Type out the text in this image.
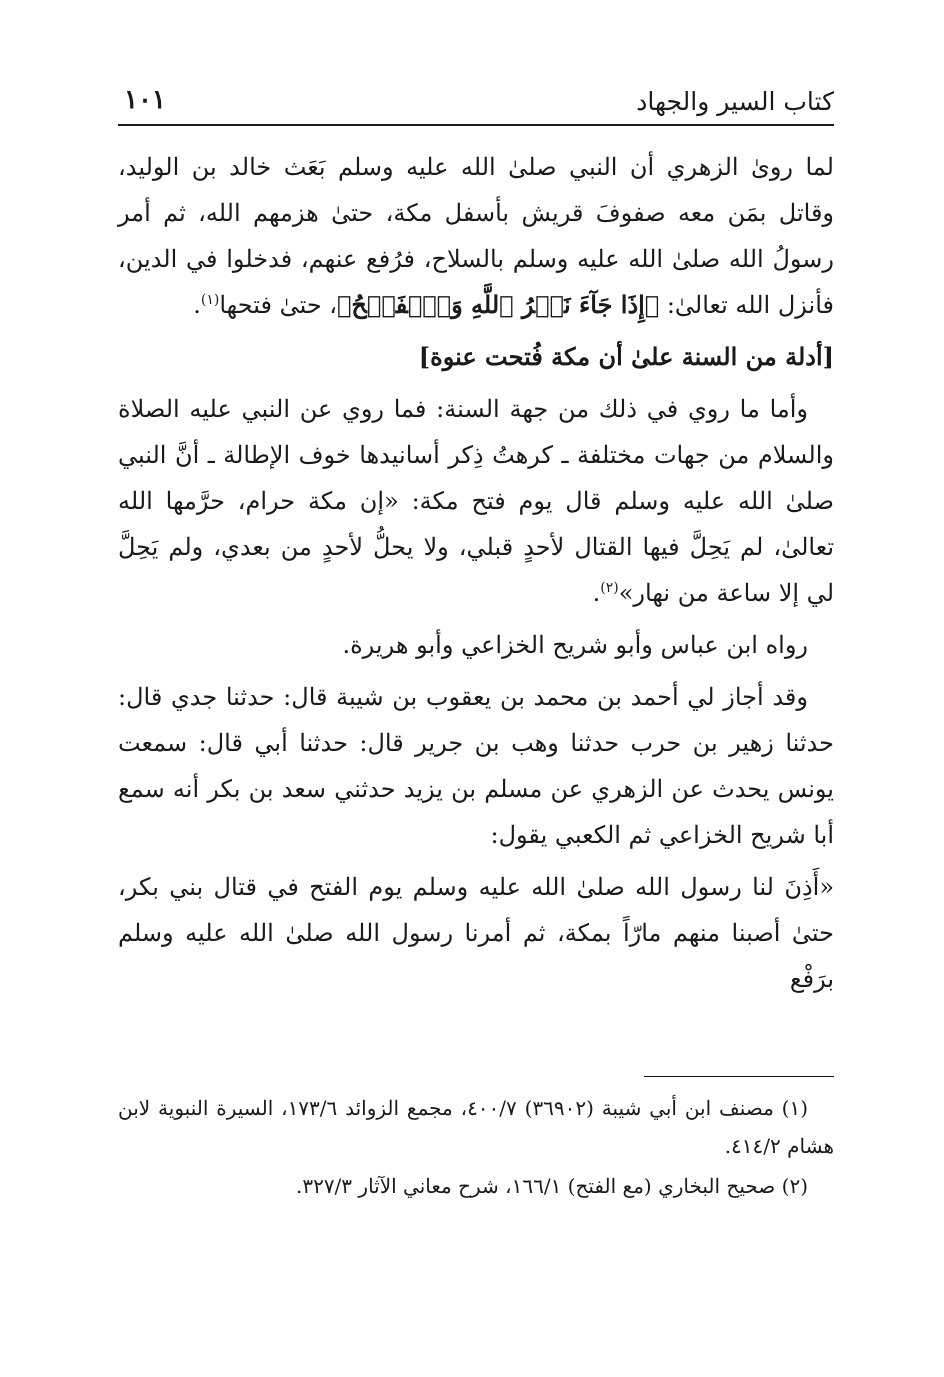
كتاب السير والجهاد
١٠١

لما روىٰ الزهري أن النبي صلىٰ الله عليه وسلم بَعَث خالد بن الوليد، وقاتل بمَن معه صفوفَ قريش بأسفل مكة، حتىٰ هزمهم الله، ثم أمر رسولُ الله صلىٰ الله عليه وسلم بالسلاح، فرُفع عنهم، فدخلوا في الدين، فأنزل الله تعالىٰ: ﴿إِذَا جَآءَ نَصۡرُ ٱللَّهِ وَٱلۡفَتۡحُ﴾، حتىٰ فتحها$^{(١)}$.

[أدلة من السنة علىٰ أن مكة فُتحت عنوة]

وأما ما روي في ذلك من جهة السنة: فما روي عن النبي عليه الصلاة والسلام من جهات مختلفة ـ كرهتُ ذِكر أسانيدها خوف الإطالة ـ أنَّ النبي صلىٰ الله عليه وسلم قال يوم فتح مكة: «إن مكة حرام، حرَّمها الله تعالىٰ، لم يَحِلَّ فيها القتال لأحدٍ قبلي، ولا يحلُّ لأحدٍ من بعدي، ولم يَحِلَّ لي إلا ساعة من نهار»$^{(٢)}$.

رواه ابن عباس وأبو شريح الخزاعي وأبو هريرة.

وقد أجاز لي أحمد بن محمد بن يعقوب بن شيبة قال: حدثنا جدي قال: حدثنا زهير بن حرب حدثنا وهب بن جرير قال: حدثنا أبي قال: سمعت يونس يحدث عن الزهري عن مسلم بن يزيد حدثني سعد بن بكر أنه سمع أبا شريح الخزاعي ثم الكعبي يقول:

«أَذِنَ لنا رسول الله صلىٰ الله عليه وسلم يوم الفتح في قتال بني بكر، حتىٰ أصبنا منهم مارّاً بمكة، ثم أمرنا رسول الله صلىٰ الله عليه وسلم برَفْع

(١) مصنف ابن أبي شيبة (٣٦٩٠٢) ٤٠٠/٧، مجمع الزوائد ١٧٣/٦، السيرة النبوية لابن هشام ٤١٤/٢.

(٢) صحيح البخاري (مع الفتح) ١٦٦/١، شرح معاني الآثار ٣٢٧/٣.
